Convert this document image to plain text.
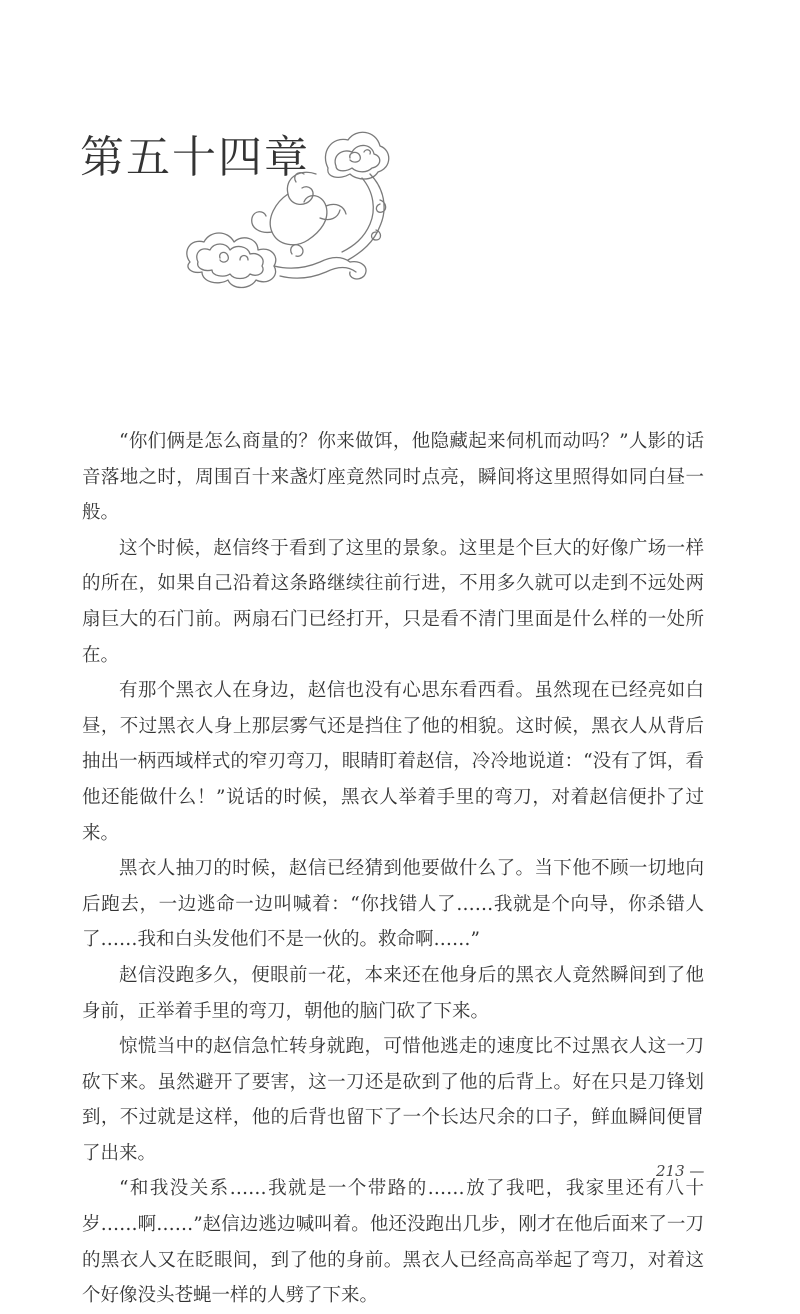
第五十四章

“你们俩是怎么商量的？你来做饵，他隐藏起来伺机而动吗？”人影的话音落地之时，周围百十来盏灯座竟然同时点亮，瞬间将这里照得如同白昼一般。

这个时候，赵信终于看到了这里的景象。这里是个巨大的好像广场一样的所在，如果自己沿着这条路继续往前行进，不用多久就可以走到不远处两扇巨大的石门前。两扇石门已经打开，只是看不清门里面是什么样的一处所在。

有那个黑衣人在身边，赵信也没有心思东看西看。虽然现在已经亮如白昼，不过黑衣人身上那层雾气还是挡住了他的相貌。这时候，黑衣人从背后抽出一柄西域样式的窄刃弯刀，眼睛盯着赵信，冷冷地说道：“没有了饵，看他还能做什么！”说话的时候，黑衣人举着手里的弯刀，对着赵信便扑了过来。

黑衣人抽刀的时候，赵信已经猜到他要做什么了。当下他不顾一切地向后跑去，一边逃命一边叫喊着：“你找错人了……我就是个向导，你杀错人了……我和白头发他们不是一伙的。救命啊……”

赵信没跑多久，便眼前一花，本来还在他身后的黑衣人竟然瞬间到了他身前，正举着手里的弯刀，朝他的脑门砍了下来。

惊慌当中的赵信急忙转身就跑，可惜他逃走的速度比不过黑衣人这一刀砍下来。虽然避开了要害，这一刀还是砍到了他的后背上。好在只是刀锋划到，不过就是这样，他的后背也留下了一个长达尺余的口子，鲜血瞬间便冒了出来。

“和我没关系……我就是一个带路的……放了我吧，我家里还有八十岁……啊……”赵信边逃边喊叫着。他还没跑出几步，刚才在他后面来了一刀的黑衣人又在眨眼间，到了他的身前。黑衣人已经高高举起了弯刀，对着这个好像没头苍蝇一样的人劈了下来。

213 —
